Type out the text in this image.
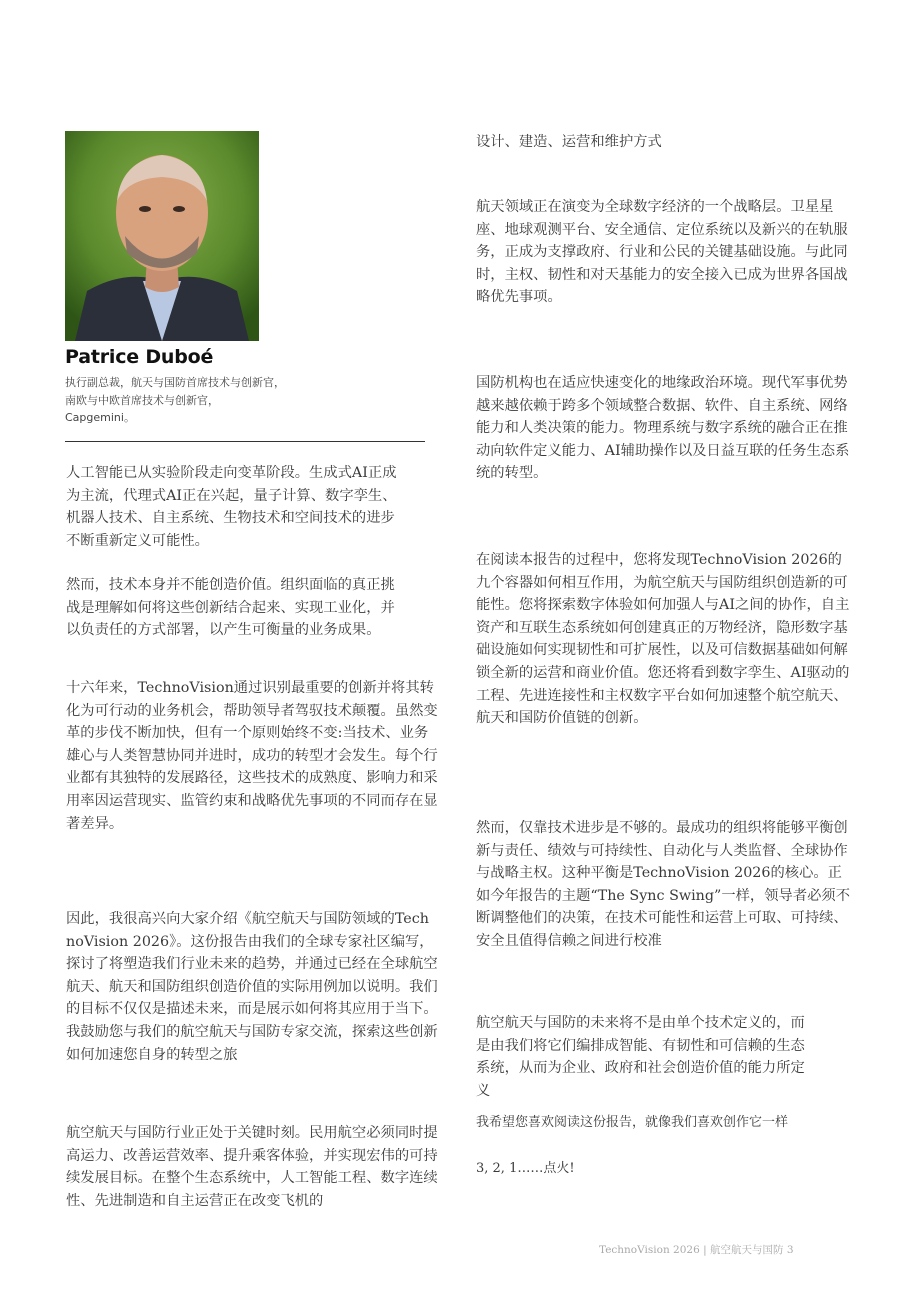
Patrice Duboé
执行副总裁，航天与国防首席技术与创新官，
南欧与中欧首席技术与创新官，
Capgemini。

人工智能已从实验阶段走向变革阶段。生成式AI正成为主流，代理式AI正在兴起，量子计算、数字孪生、机器人技术、自主系统、生物技术和空间技术的进步不断重新定义可能性。

然而，技术本身并不能创造价值。组织面临的真正挑战是理解如何将这些创新结合起来、实现工业化，并以负责任的方式部署，以产生可衡量的业务成果。

十六年来，TechnoVision通过识别最重要的创新并将其转化为可行动的业务机会，帮助领导者驾驭技术颠覆。虽然变革的步伐不断加快，但有一个原则始终不变:当技术、业务雄心与人类智慧协同并进时，成功的转型才会发生。每个行业都有其独特的发展路径，这些技术的成熟度、影响力和采用率因运营现实、监管约束和战略优先事项的不同而存在显著差异。

因此，我很高兴向大家介绍《航空航天与国防领域的TechnoVision 2026》。这份报告由我们的全球专家社区编写，探讨了将塑造我们行业未来的趋势，并通过已经在全球航空航天、航天和国防组织创造价值的实际用例加以说明。我们的目标不仅仅是描述未来，而是展示如何将其应用于当下。我鼓励您与我们的航空航天与国防专家交流，探索这些创新如何加速您自身的转型之旅

航空航天与国防行业正处于关键时刻。民用航空必须同时提高运力、改善运营效率、提升乘客体验，并实现宏伟的可持续发展目标。在整个生态系统中，人工智能工程、数字连续性、先进制造和自主运营正在改变飞机的

设计、建造、运营和维护方式

航天领域正在演变为全球数字经济的一个战略层。卫星星座、地球观测平台、安全通信、定位系统以及新兴的在轨服务，正成为支撑政府、行业和公民的关键基础设施。与此同时，主权、韧性和对天基能力的安全接入已成为世界各国战略优先事项。

国防机构也在适应快速变化的地缘政治环境。现代军事优势越来越依赖于跨多个领域整合数据、软件、自主系统、网络能力和人类决策的能力。物理系统与数字系统的融合正在推动向软件定义能力、AI辅助操作以及日益互联的任务生态系统的转型。

在阅读本报告的过程中，您将发现TechnoVision 2026的九个容器如何相互作用，为航空航天与国防组织创造新的可能性。您将探索数字体验如何加强人与AI之间的协作，自主资产和互联生态系统如何创建真正的万物经济，隐形数字基础设施如何实现韧性和可扩展性，以及可信数据基础如何解锁全新的运营和商业价值。您还将看到数字孪生、AI驱动的工程、先进连接性和主权数字平台如何加速整个航空航天、航天和国防价值链的创新。

然而，仅靠技术进步是不够的。最成功的组织将能够平衡创新与责任、绩效与可持续性、自动化与人类监督、全球协作与战略主权。这种平衡是TechnoVision 2026的核心。正如今年报告的主题“The Sync Swing”一样，领导者必须不断调整他们的决策，在技术可能性和运营上可取、可持续、安全且值得信赖之间进行校准

航空航天与国防的未来将不是由单个技术定义的，而是由我们将它们编排成智能、有韧性和可信赖的生态系统，从而为企业、政府和社会创造价值的能力所定义

我希望您喜欢阅读这份报告，就像我们喜欢创作它一样

3, 2, 1……点火!

TechnoVision 2026 | 航空航天与国防 3
